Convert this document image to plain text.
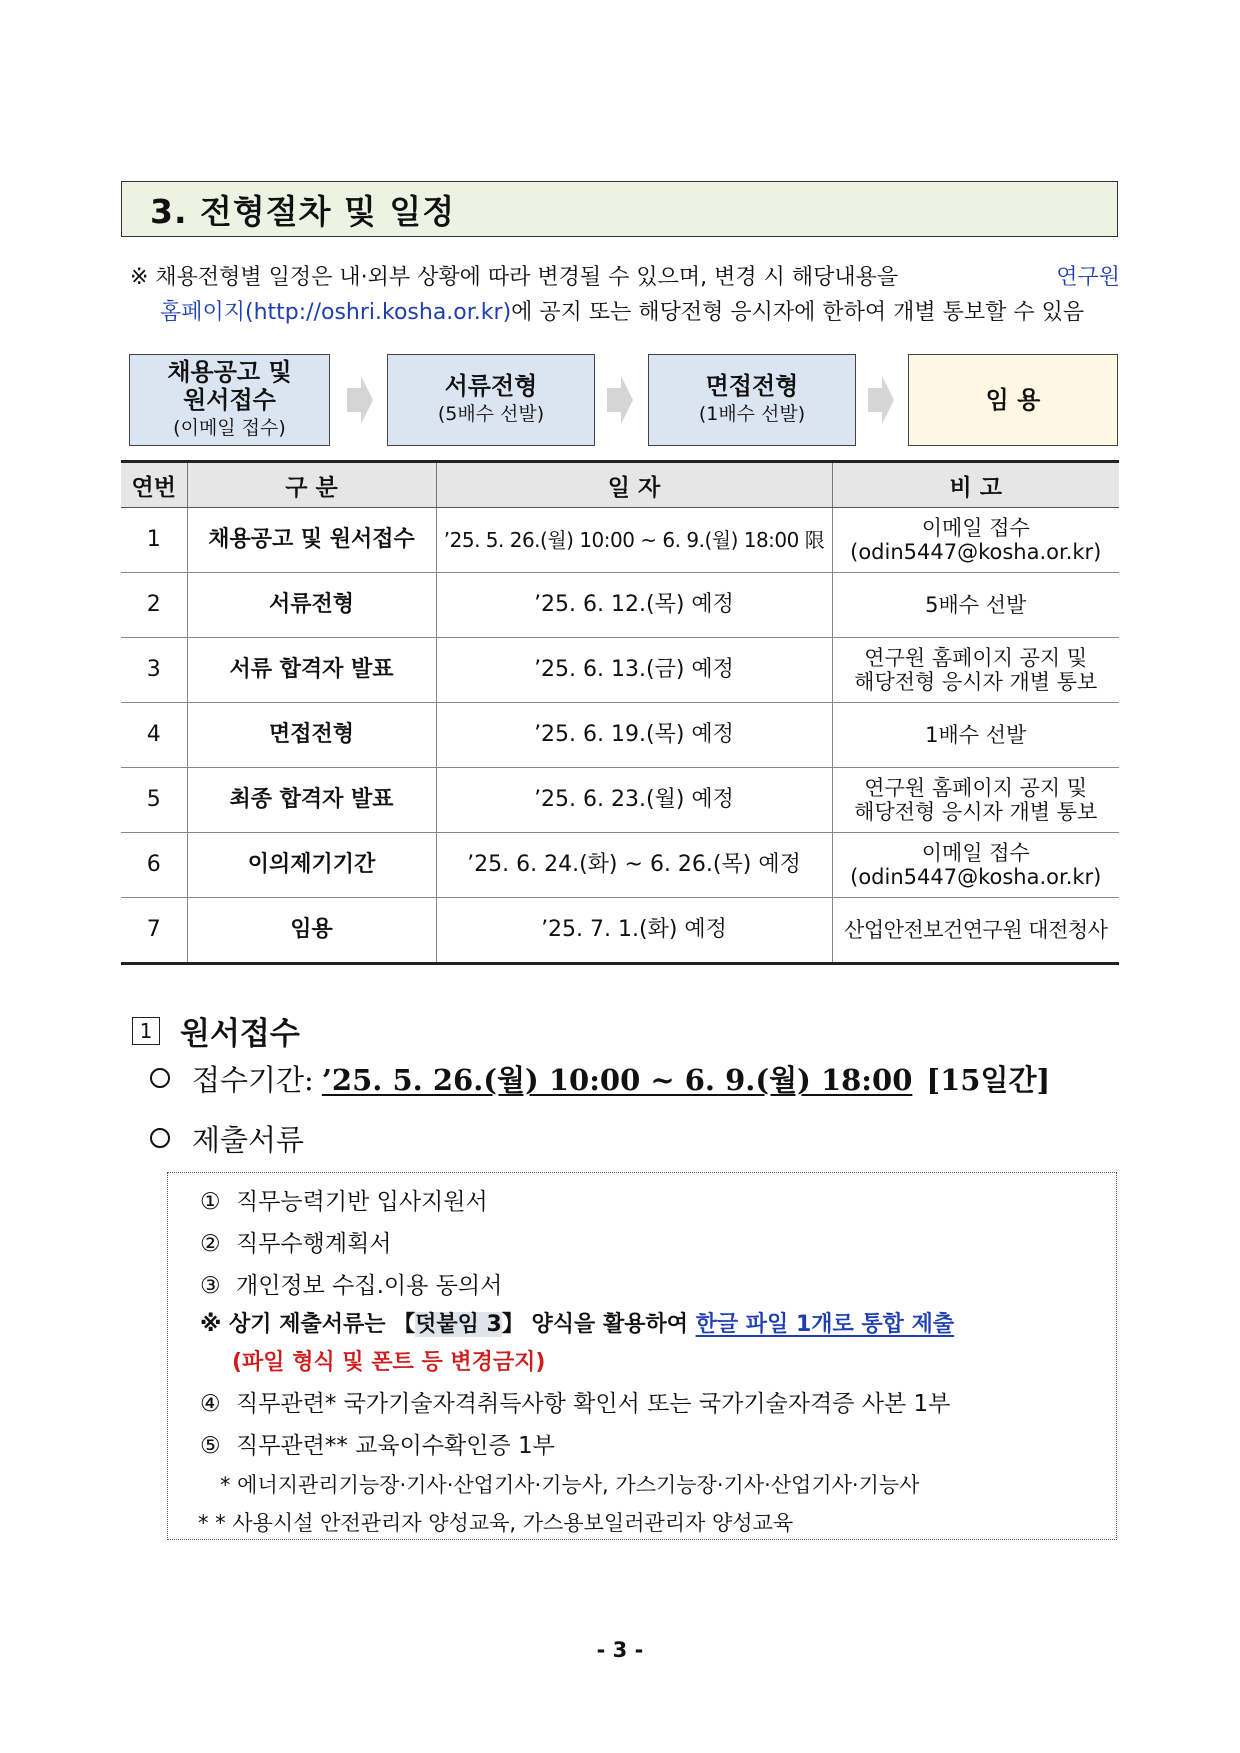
3. 전형절차 및 일정
※ 채용전형별 일정은 내·외부 상황에 따라 변경될 수 있으며, 변경 시 해당내용을	연구원
홈페이지(http://oshri.kosha.or.kr)에 공지 또는 해당전형 응시자에 한하여 개별 통보할 수 있음
채용공고 및
원서접수
(이메일 접수)
서류전형
(5배수 선발)
면접전형
(1배수 선발)	임 용
연번	구 분	일 자	비 고
1	채용공고 및 원서접수	’25. 5. 26.(월) 10:00 ~ 6. 9.(월) 18:00 限	이메일 접수
(odin5447@kosha.or.kr)

2	서류전형	’25. 6. 12.(목) 예정	5배수 선발

3	서류 합격자 발표	’25. 6. 13.(금) 예정	연구원 홈페이지 공지 및
해당전형 응시자 개별 통보

4	면접전형	’25. 6. 19.(목) 예정	1배수 선발

5	최종 합격자 발표	’25. 6. 23.(월) 예정	연구원 홈페이지 공지 및
해당전형 응시자 개별 통보

6	이의제기기간	’25. 6. 24.(화) ~ 6. 26.(목) 예정	이메일 접수
(odin5447@kosha.or.kr)

7	임용	’25. 7. 1.(화) 예정	산업안전보건연구원 대전청사
1 원서접수
접수기간: ’25. 5. 26.(월) 10:00 ~ 6. 9.(월) 18:00 [15일간]
제출서류
① 직무능력기반 입사지원서
② 직무수행계획서
③ 개인정보 수집.이용 동의서
※ 상기 제출서류는 【덧붙임 3】 양식을 활용하여 한글 파일 1개로 통합 제출
(파일 형식 및 폰트 등 변경금지)
④ 직무관련* 국가기술자격취득사항 확인서 또는 국가기술자격증 사본 1부
⑤ 직무관련** 교육이수확인증 1부
* 에너지관리기능장·기사·산업기사·기능사, 가스기능장·기사·산업기사·기능사
* * 사용시설 안전관리자 양성교육, 가스용보일러관리자 양성교육
- 3 -
